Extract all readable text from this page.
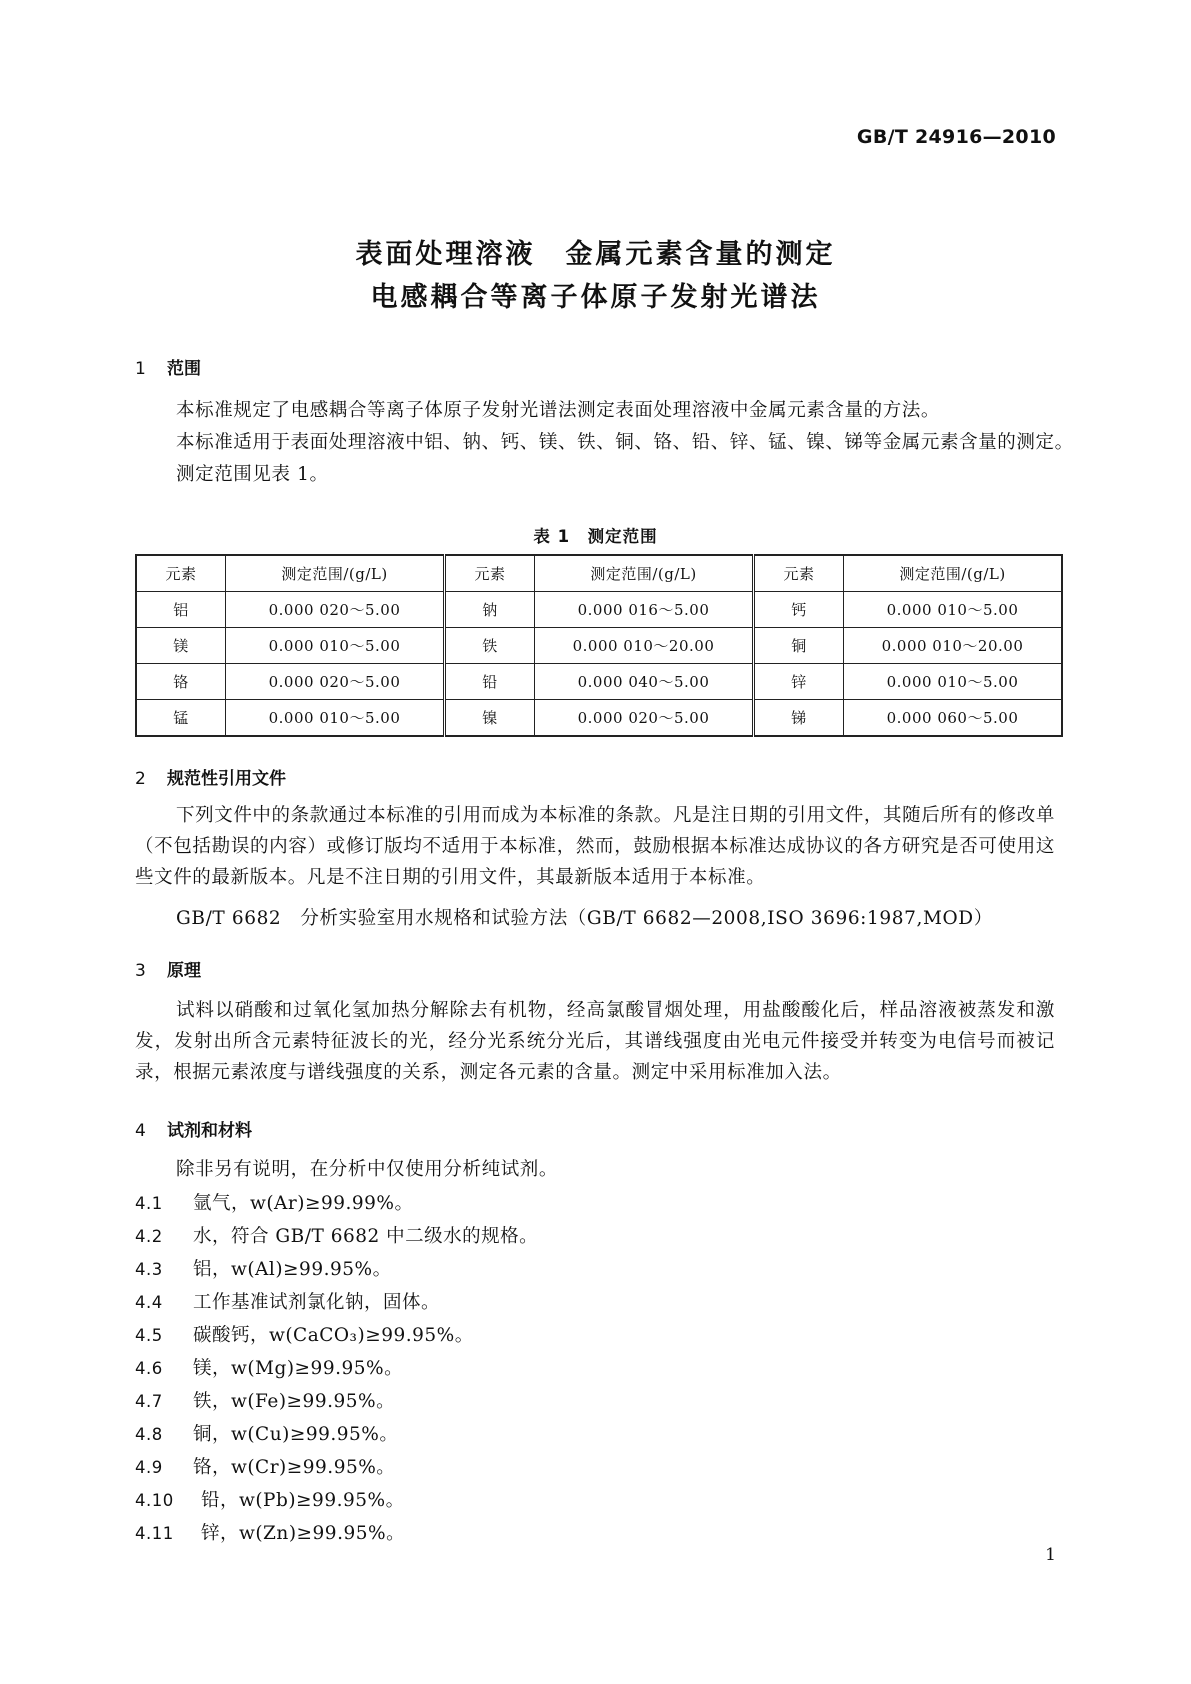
GB/T 24916—2010
表面处理溶液　金属元素含量的测定
电感耦合等离子体原子发射光谱法
1 范围
本标准规定了电感耦合等离子体原子发射光谱法测定表面处理溶液中金属元素含量的方法。
本标准适用于表面处理溶液中铝、钠、钙、镁、铁、铜、铬、铅、锌、锰、镍、锑等金属元素含量的测定。
测定范围见表 1。
表 1　测定范围
元素	测定范围/(g/L)	元素	测定范围/(g/L)	元素	测定范围/(g/L)
铝	0.000 020～5.00	钠	0.000 016～5.00	钙	0.000 010～5.00
镁	0.000 010～5.00	铁	0.000 010～20.00	铜	0.000 010～20.00
铬	0.000 020～5.00	铅	0.000 040～5.00	锌	0.000 010～5.00
锰	0.000 010～5.00	镍	0.000 020～5.00	锑	0.000 060～5.00
2 规范性引用文件

下列文件中的条款通过本标准的引用而成为本标准的条款。凡是注日期的引用文件，其随后所有的修改单（不包括勘误的内容）或修订版均不适用于本标准，然而，鼓励根据本标准达成协议的各方研究是否可使用这些文件的最新版本。凡是不注日期的引用文件，其最新版本适用于本标准。

GB/T 6682　分析实验室用水规格和试验方法（GB/T 6682—2008,ISO 3696:1987,MOD）
3 原理

试料以硝酸和过氧化氢加热分解除去有机物，经高氯酸冒烟处理，用盐酸酸化后，样品溶液被蒸发和激发，发射出所含元素特征波长的光，经分光系统分光后，其谱线强度由光电元件接受并转变为电信号而被记录，根据元素浓度与谱线强度的关系，测定各元素的含量。测定中采用标准加入法。

4 试剂和材料
除非另有说明，在分析中仅使用分析纯试剂。
4.1 氩气，w(Ar)≥99.99%。
4.2 水，符合 GB/T 6682 中二级水的规格。
4.3 铝，w(Al)≥99.95%。
4.4 工作基准试剂氯化钠，固体。
4.5 碳酸钙，w(CaCO₃)≥99.95%。
4.6 镁，w(Mg)≥99.95%。
4.7 铁，w(Fe)≥99.95%。
4.8 铜，w(Cu)≥99.95%。
4.9 铬，w(Cr)≥99.95%。
4.10 铅，w(Pb)≥99.95%。
4.11 锌，w(Zn)≥99.95%。
1
